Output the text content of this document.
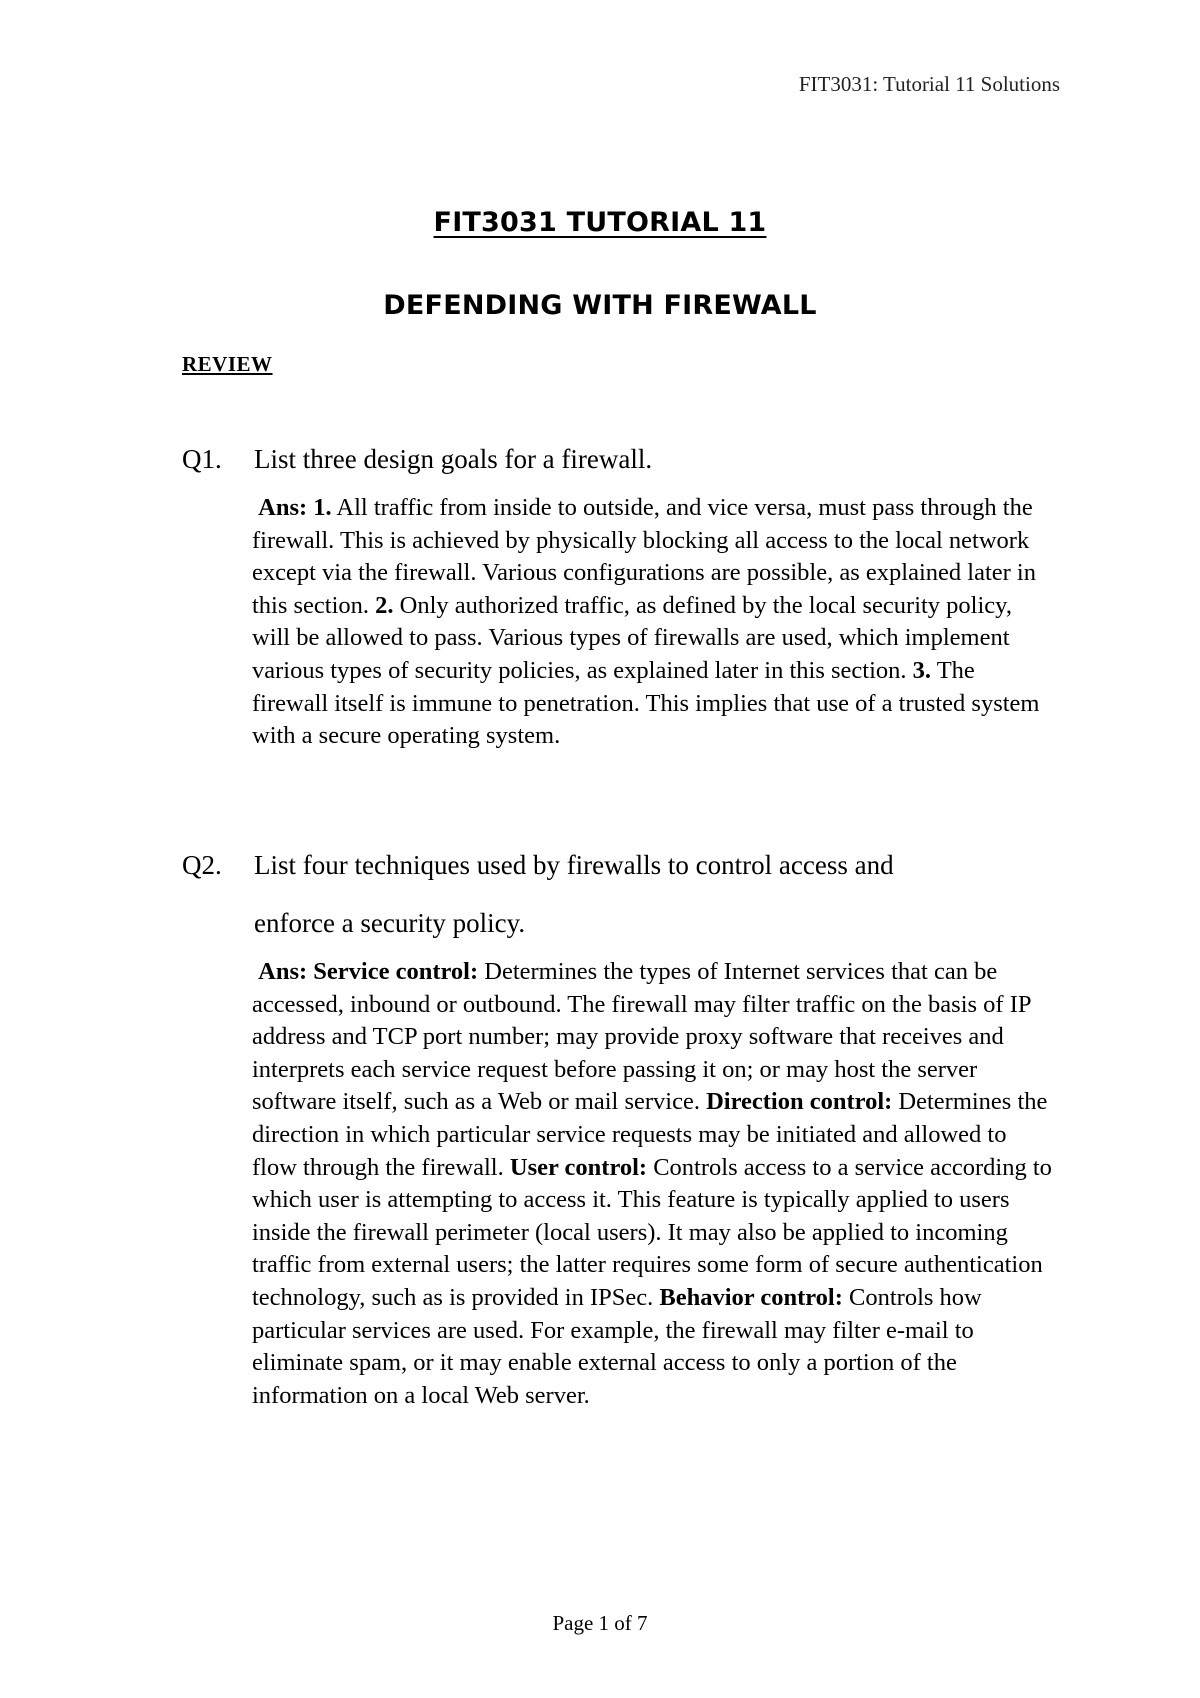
FIT3031: Tutorial 11 Solutions
FIT3031 TUTORIAL 11
DEFENDING WITH FIREWALL
REVIEW
Q1. List three design goals for a firewall.
Ans: 1. All traffic from inside to outside, and vice versa, must pass through the firewall. This is achieved by physically blocking all access to the local network except via the firewall. Various configurations are possible, as explained later in this section. 2. Only authorized traffic, as defined by the local security policy, will be allowed to pass. Various types of firewalls are used, which implement various types of security policies, as explained later in this section. 3. The firewall itself is immune to penetration. This implies that use of a trusted system with a secure operating system.
Q2. List four techniques used by firewalls to control access and
enforce a security policy.
Ans: Service control: Determines the types of Internet services that can be accessed, inbound or outbound. The firewall may filter traffic on the basis of IP address and TCP port number; may provide proxy software that receives and interprets each service request before passing it on; or may host the server software itself, such as a Web or mail service. Direction control: Determines the direction in which particular service requests may be initiated and allowed to flow through the firewall. User control: Controls access to a service according to which user is attempting to access it. This feature is typically applied to users inside the firewall perimeter (local users). It may also be applied to incoming traffic from external users; the latter requires some form of secure authentication technology, such as is provided in IPSec. Behavior control: Controls how particular services are used. For example, the firewall may filter e-mail to eliminate spam, or it may enable external access to only a portion of the information on a local Web server.
Page 1 of 7
